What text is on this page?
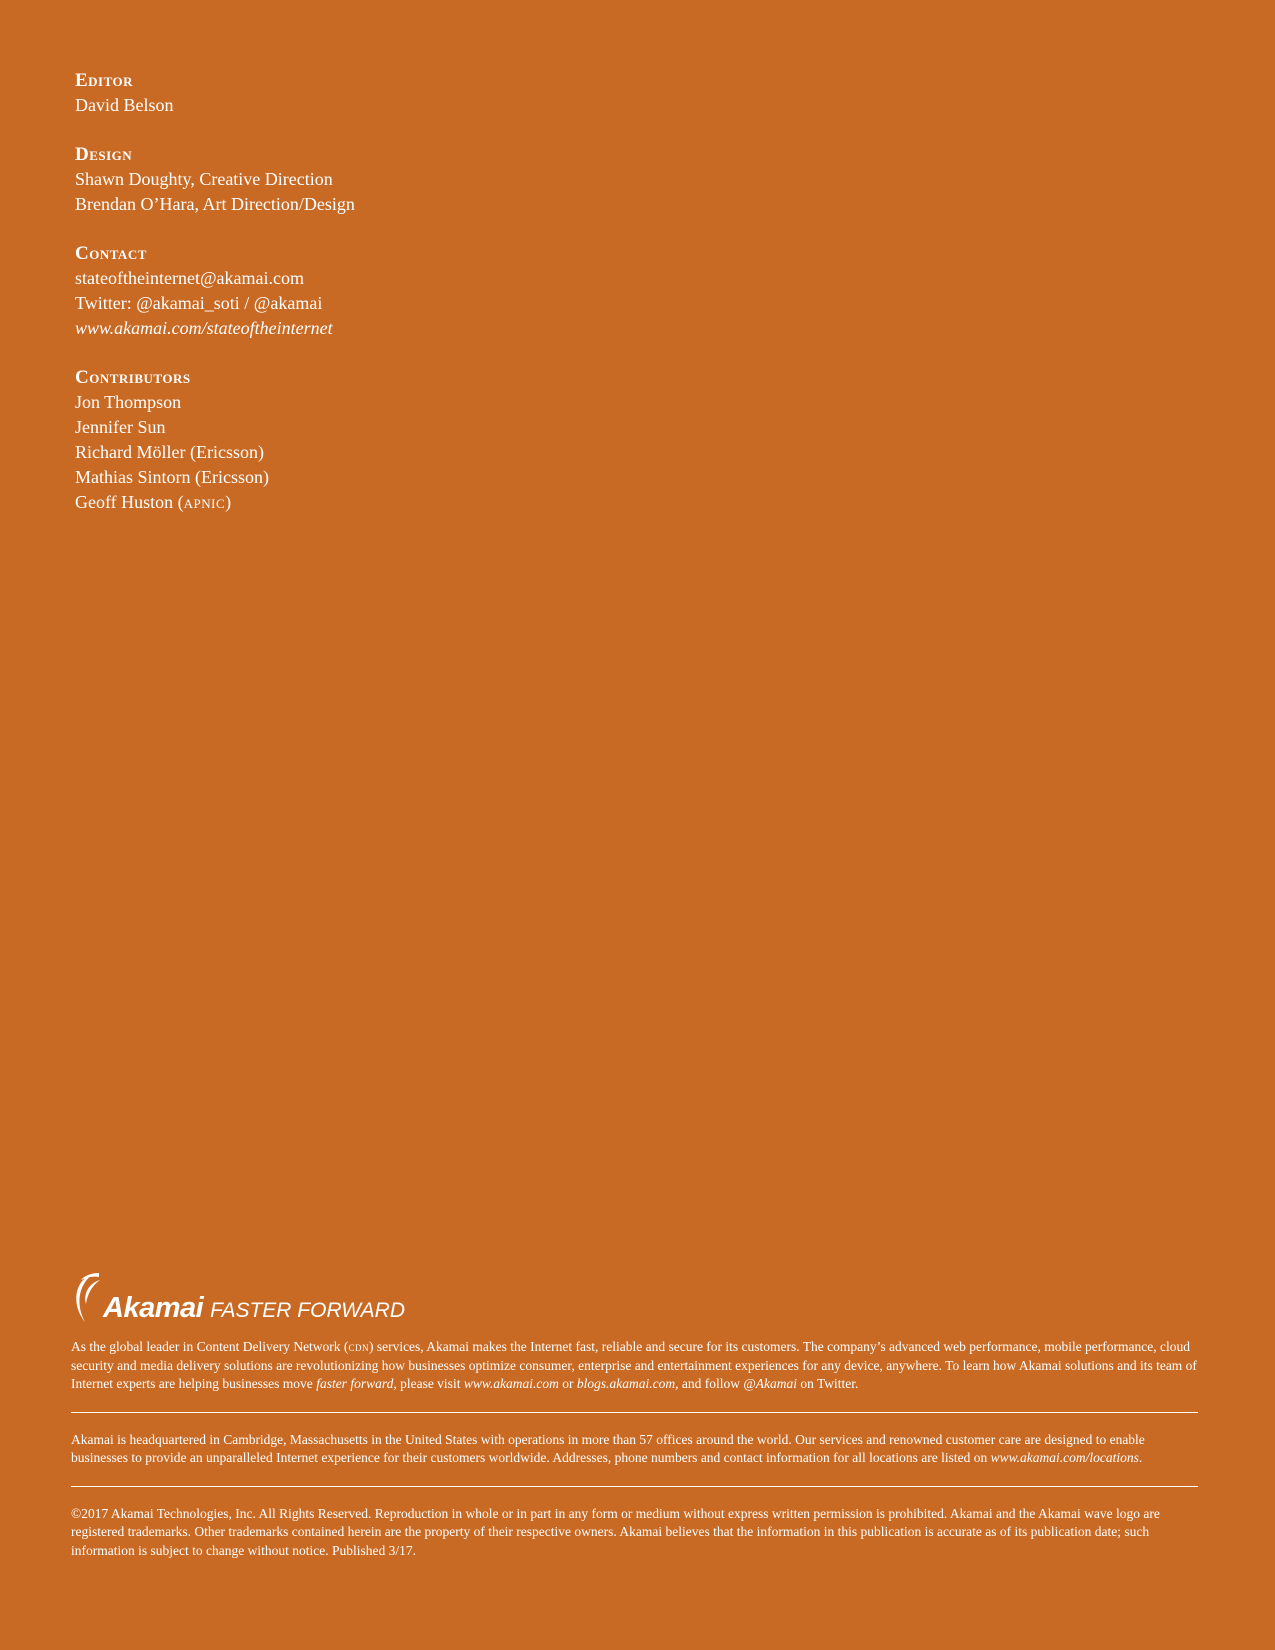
Editor
David Belson
Design
Shawn Doughty, Creative Direction
Brendan O’Hara, Art Direction/Design
Contact
stateoftheinternet@akamai.com
Twitter: @akamai_soti / @akamai
www.akamai.com/stateoftheinternet
Contributors
Jon Thompson
Jennifer Sun
Richard Möller (Ericsson)
Mathias Sintorn (Ericsson)
Geoff Huston (apnic)
Akamai FASTER FORWARD
As the global leader in Content Delivery Network (cdn) services, Akamai makes the Internet fast, reliable and secure for its customers. The company’s advanced web performance, mobile performance, cloud security and media delivery solutions are revolutionizing how businesses optimize consumer, enterprise and entertainment experiences for any device, anywhere. To learn how Akamai solutions and its team of Internet experts are helping businesses move faster forward, please visit www.akamai.com or blogs.akamai.com, and follow @Akamai on Twitter.
Akamai is headquartered in Cambridge, Massachusetts in the United States with operations in more than 57 offices around the world. Our services and renowned customer care are designed to enable businesses to provide an unparalleled Internet experience for their customers worldwide. Addresses, phone numbers and contact information for all locations are listed on www.akamai.com/locations.
©2017 Akamai Technologies, Inc. All Rights Reserved. Reproduction in whole or in part in any form or medium without express written permission is prohibited. Akamai and the Akamai wave logo are registered trademarks. Other trademarks contained herein are the property of their respective owners. Akamai believes that the information in this publication is accurate as of its publication date; such information is subject to change without notice. Published 3/17.
